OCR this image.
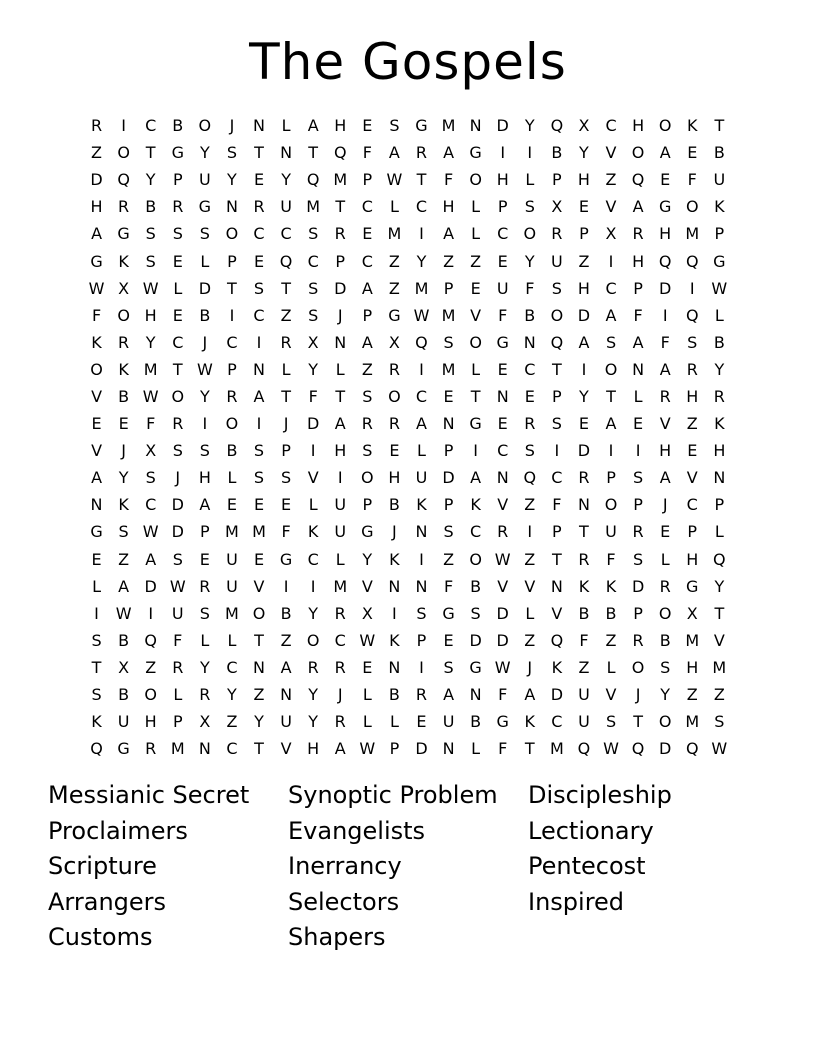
The Gospels
R	I	C	B O	J	N	L	A H	E	S G M N D	Y Q X	C H O K	T
Z O T G Y	S	T	N	T Q	F	A	R	A G	I	I	B	Y	V O A	E	B
D Q Y	P	U	Y	E	Y Q M P W T	F	O H	L	P	H Z Q E	F	U
H R	B	R G N R U M T	C	L	C H	L	P	S	X	E	V	A G O K
A G S	S	S O C C	S	R	E M	I	A	L	C O R	P	X	R H M P
G K	S	E	L	P	E Q C	P	C	Z	Y	Z	Z	E	Y	U Z	I	H Q Q G
W X W L	D	T	S	T	S D A	Z M P	E	U	F	S H C	P	D	I	W
F	O H	E	B	I	C	Z	S	J	P	G W M V	F	B O D A	F	I	Q	L
K	R	Y	C	J	C	I	R	X N A	X Q S O G N Q A	S	A	F	S	B
O K M T W P	N	L	Y	L	Z	R	I	M L	E	C	T	I	O N A	R	Y
V	B W O Y	R	A	T	F	T	S O C	E	T	N	E	P	Y	T	L	R H R
E	E	F	R	I	O	I	J	D A	R R	A N G E	R	S	E	A	E	V	Z	K
V	J	X	S	S	B	S	P	I	H S	E	L	P	I	C	S	I	D	I	I	H	E	H
A	Y	S	J	H	L	S	S	V	I	O H U D A N Q C R	P	S	A	V N
N K	C D A	E	E	E	L	U	P	B	K	P	K	V	Z	F	N O P	J	C	P
G S W D	P M M F	K U G	J	N	S	C R	I	P	T	U R	E	P	L
E	Z	A	S	E	U	E G C	L	Y	K	I	Z O W Z	T	R	F	S	L	H Q
L	A D W R U V	I	I	M V N N	F	B	V	V N K	K D R G Y
I	W	I	U	S M O B	Y	R	X	I	S G S D	L	V	B	B	P O X	T
S	B Q	F	L	L	T	Z O C W K	P	E D D Z Q	F	Z	R	B M V
T	X	Z	R	Y	C N A	R R	E	N	I	S G W	J	K	Z	L	O S H M
S	B O	L	R	Y	Z N	Y	J	L	B	R	A N	F	A D U V	J	Y	Z	Z
K U H	P	X	Z	Y	U	Y	R	L	L	E	U B G K	C U	S	T O M S
Q G R M N C	T	V H A W P	D N	L	F	T M Q W Q D Q W
Messianic Secret
Proclaimers
Scripture
Arrangers
Customs
Synoptic Problem
Evangelists
Inerrancy
Selectors
Shapers
Discipleship
Lectionary
Pentecost
Inspired
